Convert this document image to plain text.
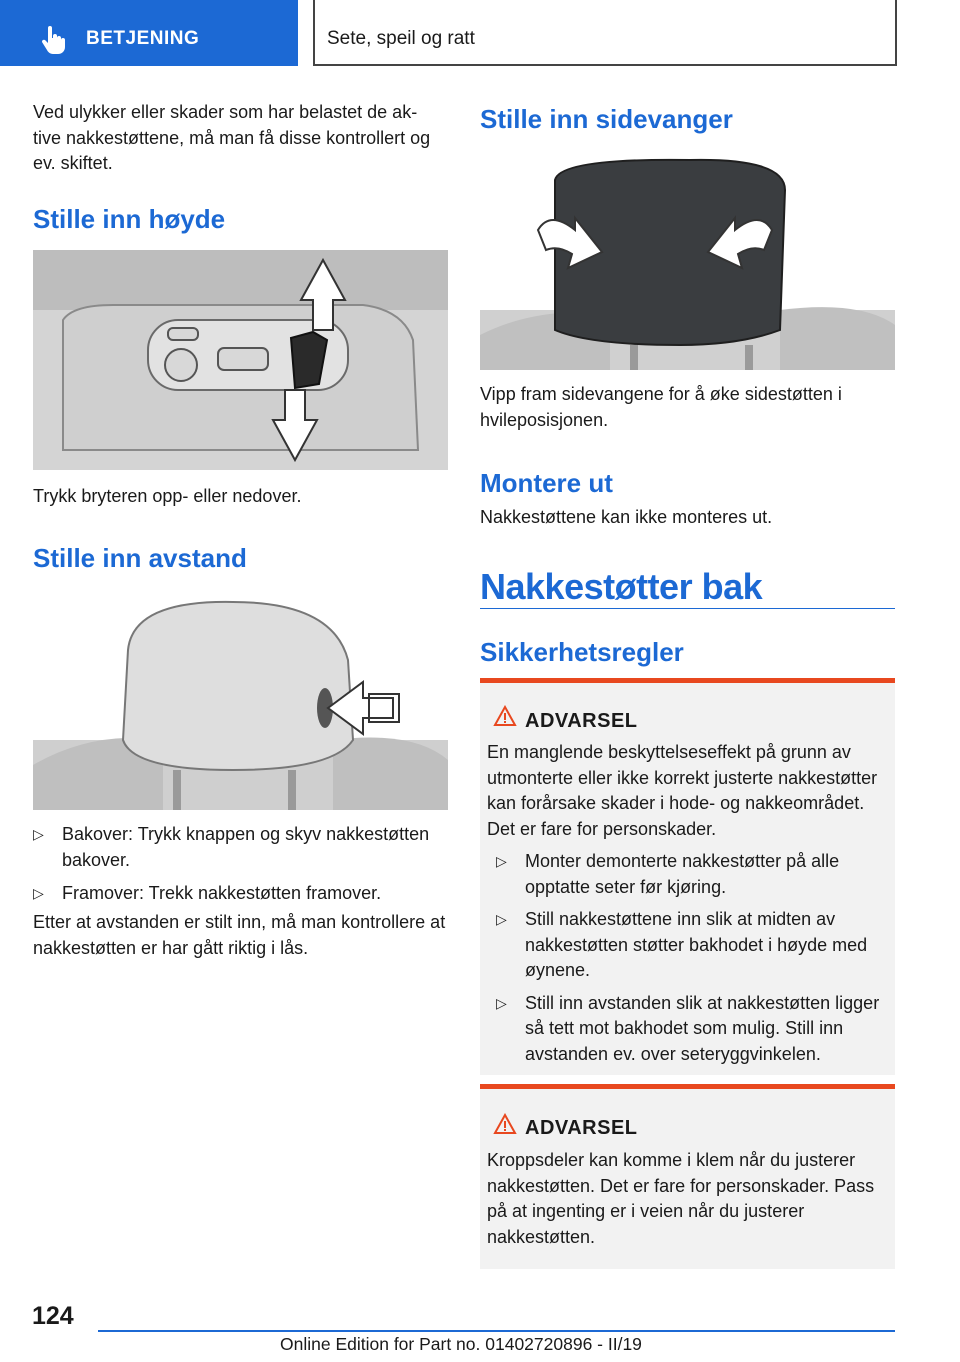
BETJENING	Sete, speil og ratt

Ved ulykker eller skader som har belastet de aktive nakkestøttene, må man få disse kontrollert og ev. skiftet.

Stille inn høyde

Trykk bryteren opp- eller nedover.

Stille inn avstand
▷ Bakover: Trykk knappen og skyv nakkestøtten bakover.
▷ Framover: Trekk nakkestøtten framover.

Etter at avstanden er stilt inn, må man kontrollere at nakkestøtten er har gått riktig i lås.

Stille inn sidevanger

Vipp fram sidevangene for å øke sidestøtten i hvileposisjonen.

Montere ut

Nakkestøttene kan ikke monteres ut.

Nakkestøtter bak
Sikkerhetsregler
ADVARSEL

En manglende beskyttelseseffekt på grunn av utmonterte eller ikke korrekt justerte nakkestøtter kan forårsake skader i hode- og nakkeområdet. Det er fare for personskader.

▷ Monter demonterte nakkestøtter på alle opptatte seter før kjøring.
▷ Still nakkestøttene inn slik at midten av nakkestøtten støtter bakhodet i høyde med øynene.
▷ Still inn avstanden slik at nakkestøtten ligger så tett mot bakhodet som mulig. Still inn avstanden ev. over seteryggvinkelen.
ADVARSEL

Kroppsdeler kan komme i klem når du justerer nakkestøtten. Det er fare for personskader. Pass på at ingenting er i veien når du justerer nakkestøtten.

124
Online Edition for Part no. 01402720896 - II/19
